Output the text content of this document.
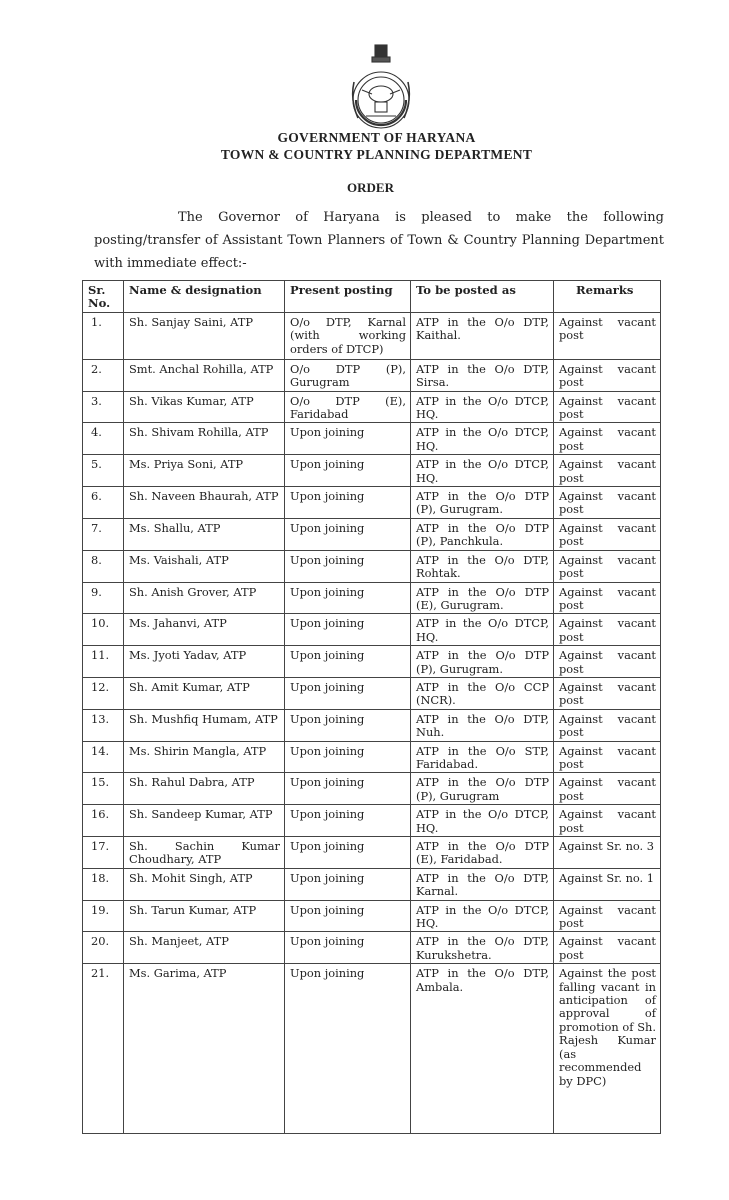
GOVERNMENT OF HARYANA
TOWN & COUNTRY PLANNING DEPARTMENT
ORDER

The Governor of Haryana is pleased to make the following posting/transfer of Assistant Town Planners of Town & Country Planning Department with immediate effect:-

Sr. No.	Name & designation	Present posting	To be posted as	Remarks
1.	Sh. Sanjay Saini, ATP	O/o DTP, Karnal (with working orders of DTCP)	ATP in the O/o DTP, Kaithal.	Against vacant post
2.	Smt. Anchal Rohilla, ATP	O/o DTP (P), Gurugram	ATP in the O/o DTP, Sirsa.	Against vacant post
3.	Sh. Vikas Kumar, ATP	O/o DTP (E), Faridabad	ATP in the O/o DTCP, HQ.	Against vacant post
4.	Sh. Shivam Rohilla, ATP	Upon joining	ATP in the O/o DTCP, HQ.	Against vacant post
5.	Ms. Priya Soni, ATP	Upon joining	ATP in the O/o DTCP, HQ.	Against vacant post
6.	Sh. Naveen Bhaurah, ATP	Upon joining	ATP in the O/o DTP (P), Gurugram.	Against vacant post
7.	Ms. Shallu, ATP	Upon joining	ATP in the O/o DTP (P), Panchkula.	Against vacant post
8.	Ms. Vaishali, ATP	Upon joining	ATP in the O/o DTP, Rohtak.	Against vacant post
9.	Sh. Anish Grover, ATP	Upon joining	ATP in the O/o DTP (E), Gurugram.	Against vacant post
10.	Ms. Jahanvi, ATP	Upon joining	ATP in the O/o DTCP, HQ.	Against vacant post
11.	Ms. Jyoti Yadav, ATP	Upon joining	ATP in the O/o DTP (P), Gurugram.	Against vacant post
12.	Sh. Amit Kumar, ATP	Upon joining	ATP in the O/o CCP (NCR).	Against vacant post
13.	Sh. Mushfiq Humam, ATP	Upon joining	ATP in the O/o DTP, Nuh.	Against vacant post
14.	Ms. Shirin Mangla, ATP	Upon joining	ATP in the O/o STP, Faridabad.	Against vacant post
15.	Sh. Rahul Dabra, ATP	Upon joining	ATP in the O/o DTP (P), Gurugram	Against vacant post
16.	Sh. Sandeep Kumar, ATP	Upon joining	ATP in the O/o DTCP, HQ.	Against vacant post
17.	Sh. Sachin Kumar Choudhary, ATP	Upon joining	ATP in the O/o DTP (E), Faridabad.	Against Sr. no. 3
18.	Sh. Mohit Singh, ATP	Upon joining	ATP in the O/o DTP, Karnal.	Against Sr. no. 1
19.	Sh. Tarun Kumar, ATP	Upon joining	ATP in the O/o DTCP, HQ.	Against vacant post
20.	Sh. Manjeet, ATP	Upon joining	ATP in the O/o DTP, Kurukshetra.	Against vacant post
21.	Ms. Garima, ATP	Upon joining	ATP in the O/o DTP, Ambala.	Against the post falling vacant in anticipation of approval of promotion of Sh. Rajesh Kumar (as recommended by DPC)
